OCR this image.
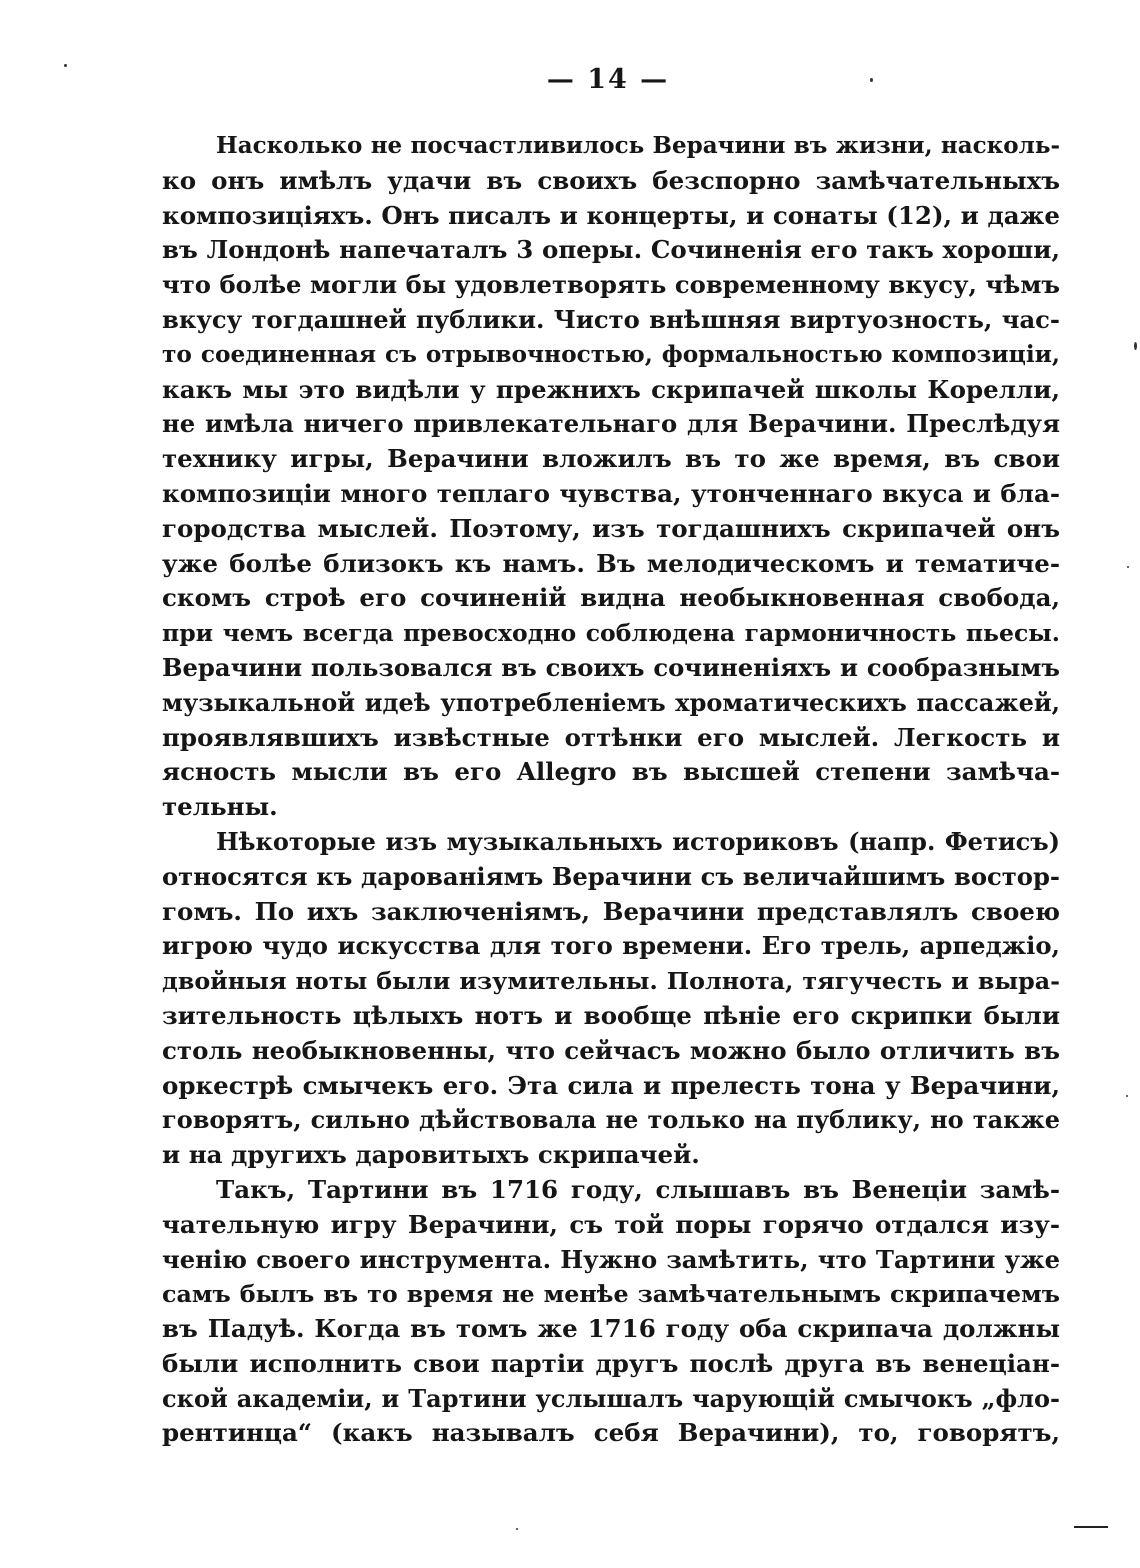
— 14 —
Насколько не посчастливилось Верачини въ жизни, насколь-
ко онъ имѣлъ удачи въ своихъ безспорно замѣчательныхъ
композиціяхъ. Онъ писалъ и концерты, и сонаты (12), и даже
въ Лондонѣ напечаталъ 3 оперы. Сочиненія его такъ хороши,
что болѣе могли бы удовлетворять современному вкусу, чѣмъ
вкусу тогдашней публики. Чисто внѣшняя виртуозность, час-
то соединенная съ отрывочностью, формальностью композиціи,
какъ мы это видѣли у прежнихъ скрипачей школы Корелли,
не имѣла ничего привлекательнаго для Верачини. Преслѣдуя
технику игры, Верачини вложилъ въ то же время, въ свои
композиціи много теплаго чувства, утонченнаго вкуса и бла-
городства мыслей. Поэтому, изъ тогдашнихъ скрипачей онъ
уже болѣе близокъ къ намъ. Въ мелодическомъ и тематиче-
скомъ строѣ его сочиненій видна необыкновенная свобода,
при чемъ всегда превосходно соблюдена гармоничность пьесы.
Верачини пользовался въ своихъ сочиненіяхъ и сообразнымъ
музыкальной идеѣ употребленіемъ хроматическихъ пассажей,
проявлявшихъ извѣстные оттѣнки его мыслей. Легкость и
ясность мысли въ его Allegro въ высшей степени замѣча-
тельны.
Нѣкоторые изъ музыкальныхъ историковъ (напр. Фетисъ)
относятся къ дарованіямъ Верачини съ величайшимъ востор-
гомъ. По ихъ заключеніямъ, Верачини представлялъ своею
игрою чудо искусства для того времени. Его трель, арпеджіо,
двойныя ноты были изумительны. Полнота, тягучесть и выра-
зительность цѣлыхъ нотъ и вообще пѣніе его скрипки были
столь необыкновенны, что сейчасъ можно было отличить въ
оркестрѣ смычекъ его. Эта сила и прелесть тона у Верачини,
говорятъ, сильно дѣйствовала не только на публику, но также
и на другихъ даровитыхъ скрипачей.
Такъ, Тартини въ 1716 году, слышавъ въ Венеціи замѣ-
чательную игру Верачини, съ той поры горячо отдался изу-
ченію своего инструмента. Нужно замѣтить, что Тартини уже
самъ былъ въ то время не менѣе замѣчательнымъ скрипачемъ
въ Падуѣ. Когда въ томъ же 1716 году оба скрипача должны
были исполнить свои партіи другъ послѣ друга въ венеціан-
ской академіи, и Тартини услышалъ чарующій смычокъ „фло-
рентинца“ (какъ называлъ себя Верачини), то, говорятъ,
